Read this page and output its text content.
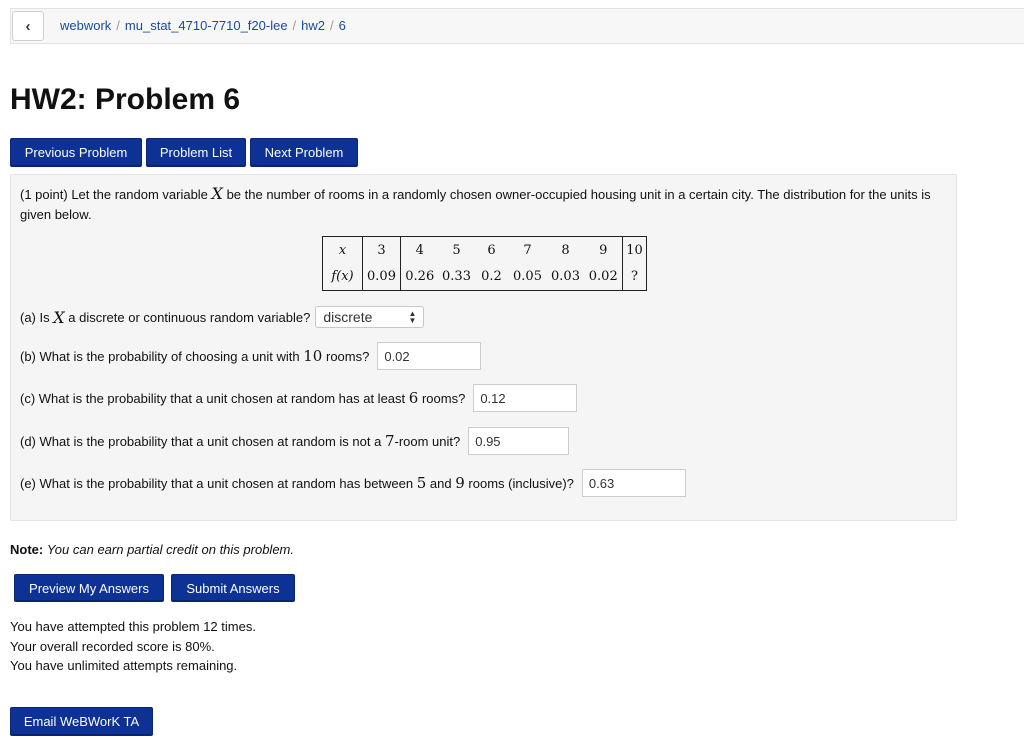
‹ webwork / mu_stat_4710-7710_f20-lee / hw2 / 6
HW2: Problem 6
Previous Problem	Problem List	Next Problem
(1 point) Let the random variable X be the number of rooms in a randomly chosen owner-occupied housing unit in a certain city. The distribution for the units is given below.
x	3	4	5	6	7	8	9	10
f(x)	0.09	0.26	0.33	0.2	0.05	0.03	0.02	?
(a) Is
X
a discrete or continuous random variable? discrete	▲
▼
(b) What is the probability of choosing a unit with
10
rooms?	0.02
(c) What is the probability that a unit chosen at random has at least
6
rooms?	0.12
(d) What is the probability that a unit chosen at random is not a
7 -room unit?	0.95
(e) What is the probability that a unit chosen at random has between
5
and
9
rooms (inclusive)?	0.63
Note: You can earn partial credit on this problem.
Preview My Answers	Submit Answers
You have attempted this problem 12 times.
Your overall recorded score is 80%.
You have unlimited attempts remaining.
Email WeBWorK TA
